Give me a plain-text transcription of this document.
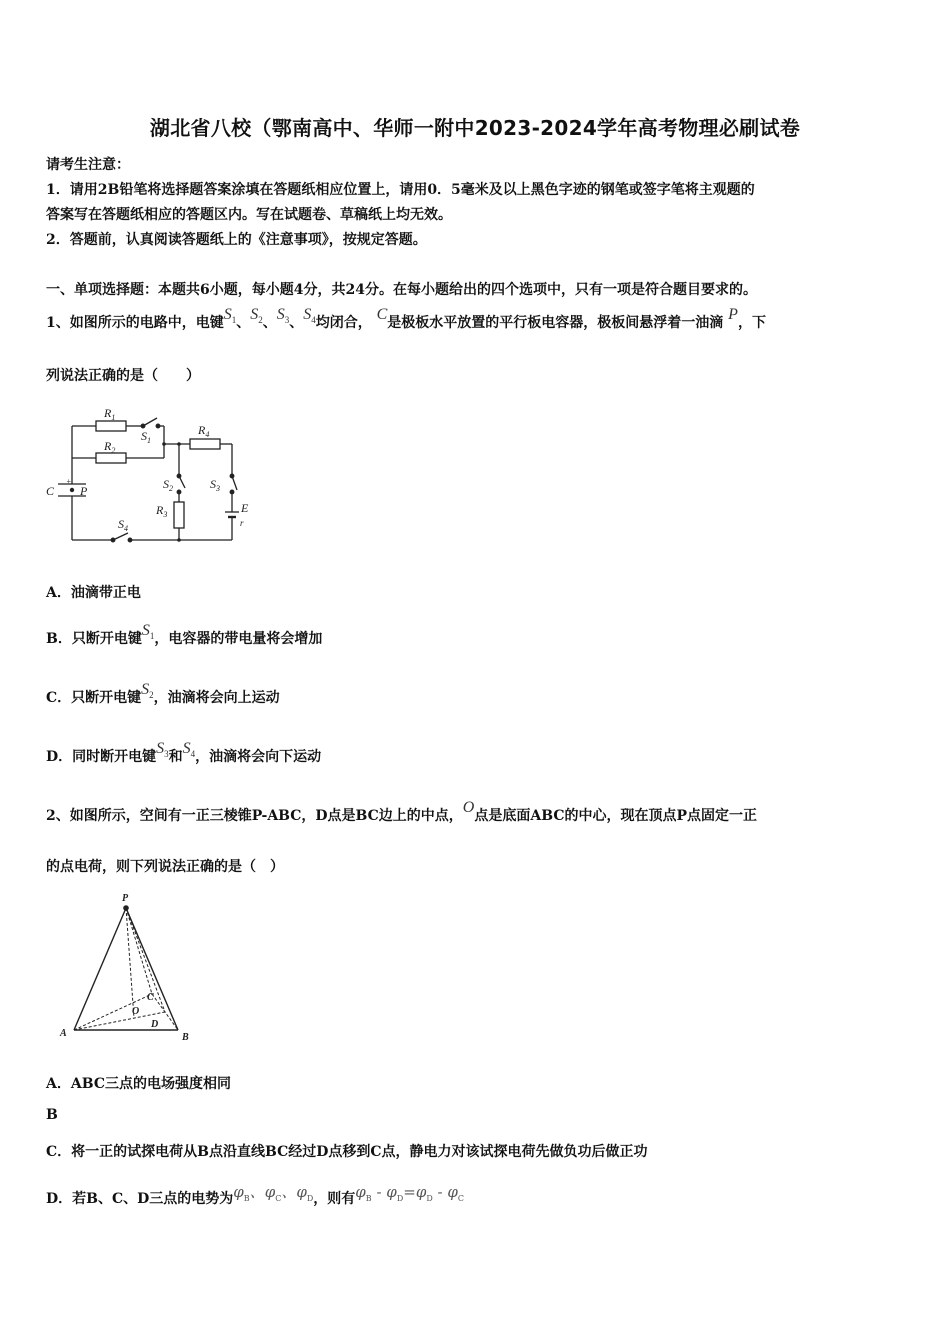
湖北省八校（鄂南高中、华师一附中2023-2024学年高考物理必刷试卷
请考生注意：
1．请用2B铅笔将选择题答案涂填在答题纸相应位置上，请用0．5毫米及以上黑色字迹的钢笔或签字笔将主观题的
答案写在答题纸相应的答题区内。写在试题卷、草稿纸上均无效。
2．答题前，认真阅读答题纸上的《注意事项》，按规定答题。
一、单项选择题：本题共6小题，每小题4分，共24分。在每小题给出的四个选项中，只有一项是符合题目要求的。
1、如图所示的电路中，电键$S_1$、$S_2$、$S_3$、$S_4$均闭合， C是极板水平放置的平行板电容器，极板间悬浮着一油滴 P，下
列说法正确的是（　　）
$R_1$
$R_2$
$R_3$
$R_4$
$S_1$
$S_2$	$S_3$
$S_4$
C P
+
E
r
A．油滴带正电
B．只断开电键$S_1$，电容器的带电量将会增加
C．只断开电键$S_2$，油滴将会向上运动
D．同时断开电键$S_3$和$S_4$，油滴将会向下运动
2、如图所示，空间有一正三棱锥P-ABC，D点是BC边上的中点，O点是底面ABC的中心，现在顶点P点固定一正
的点电荷，则下列说法正确的是（　）
P
A	B
C
O
D
A．ABC三点的电场强度相同
B
C．将一正的试探电荷从B点沿直线BC经过D点移到C点，静电力对该试探电荷先做负功后做正功
D．若B、C、D三点的电势为$\varphi_B$、$\varphi_C$、$\varphi_D$，则有$\varphi_B - \varphi_D=\varphi_D - \varphi_C$
